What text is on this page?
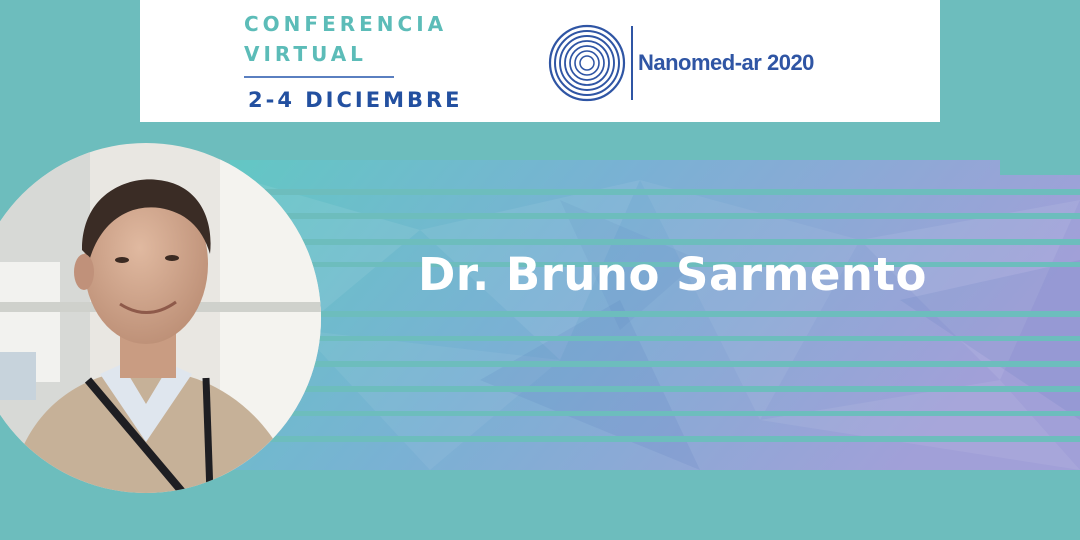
CONFERENCIA
VIRTUAL
2-4 DICIEMBRE
Nanomed-ar 2020
Dr. Bruno Sarmento
